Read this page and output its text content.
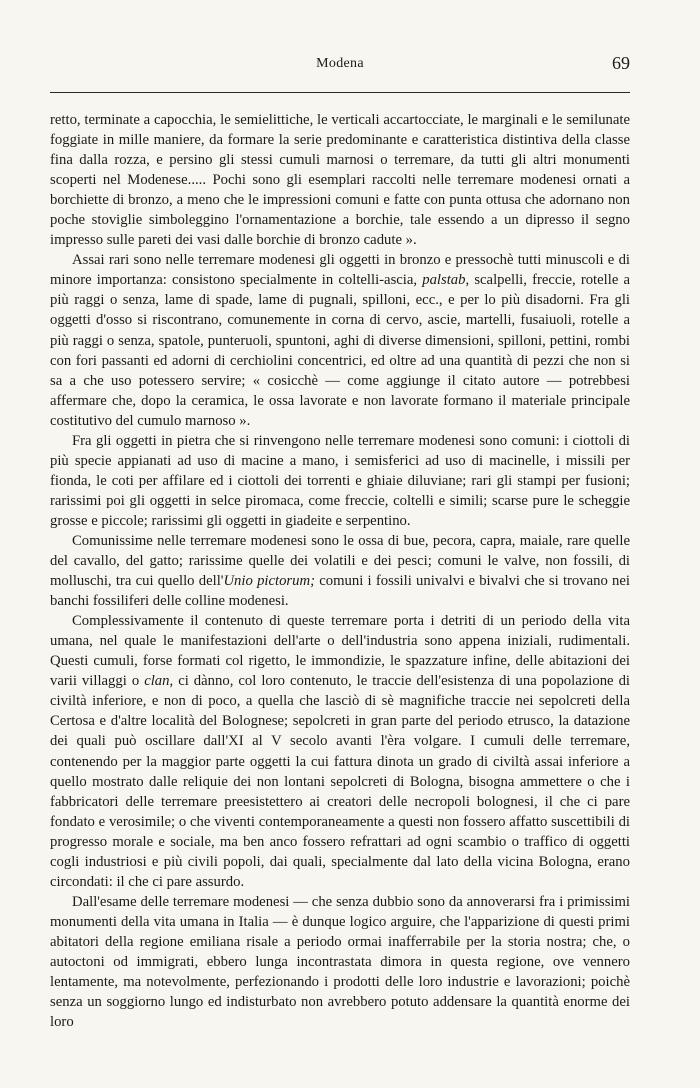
Modena	69

retto, terminate a capocchia, le semielittiche, le verticali accartocciate, le marginali e le semilunate foggiate in mille maniere, da formare la serie predominante e caratteristica distintiva della classe fina dalla rozza, e persino gli stessi cumuli marnosi o terremare, da tutti gli altri monumenti scoperti nel Modenese..... Pochi sono gli esemplari raccolti nelle terremare modenesi ornati a borchiette di bronzo, a meno che le impressioni comuni e fatte con punta ottusa che adornano non poche stoviglie simboleggino l'ornamentazione a borchie, tale essendo a un dipresso il segno impresso sulle pareti dei vasi dalle borchie di bronzo cadute ».

Assai rari sono nelle terremare modenesi gli oggetti in bronzo e pressochè tutti minuscoli e di minore importanza: consistono specialmente in coltelli-ascia, palstab, scalpelli, freccie, rotelle a più raggi o senza, lame di spade, lame di pugnali, spilloni, ecc., e per lo più disadorni. Fra gli oggetti d'osso si riscontrano, comunemente in corna di cervo, ascie, martelli, fusaiuoli, rotelle a più raggi o senza, spatole, punteruoli, spuntoni, aghi di diverse dimensioni, spilloni, pettini, rombi con fori passanti ed adorni di cerchiolini concentrici, ed oltre ad una quantità di pezzi che non si sa a che uso potessero servire; « cosicchè — come aggiunge il citato autore — potrebbesi affermare che, dopo la ceramica, le ossa lavorate e non lavorate formano il materiale principale costitutivo del cumulo marnoso ».

Fra gli oggetti in pietra che si rinvengono nelle terremare modenesi sono comuni: i ciottoli di più specie appianati ad uso di macine a mano, i semisferici ad uso di macinelle, i missili per fionda, le coti per affilare ed i ciottoli dei torrenti e ghiaie diluviane; rari gli stampi per fusioni; rarissimi poi gli oggetti in selce piromaca, come freccie, coltelli e simili; scarse pure le scheggie grosse e piccole; rarissimi gli oggetti in giadeite e serpentino.

Comunissime nelle terremare modenesi sono le ossa di bue, pecora, capra, maiale, rare quelle del cavallo, del gatto; rarissime quelle dei volatili e dei pesci; comuni le valve, non fossili, di molluschi, tra cui quello dell'Unio pictorum; comuni i fossili univalvi e bivalvi che si trovano nei banchi fossiliferi delle colline modenesi.

Complessivamente il contenuto di queste terremare porta i detriti di un periodo della vita umana, nel quale le manifestazioni dell'arte o dell'industria sono appena iniziali, rudimentali. Questi cumuli, forse formati col rigetto, le immondizie, le spazzature infine, delle abitazioni dei varii villaggi o clan, ci dànno, col loro contenuto, le traccie dell'esistenza di una popolazione di civiltà inferiore, e non di poco, a quella che lasciò di sè magnifiche traccie nei sepolcreti della Certosa e d'altre località del Bolognese; sepolcreti in gran parte del periodo etrusco, la datazione dei quali può oscillare dall'XI al V secolo avanti l'èra volgare. I cumuli delle terremare, contenendo per la maggior parte oggetti la cui fattura dinota un grado di civiltà assai inferiore a quello mostrato dalle reliquie dei non lontani sepolcreti di Bologna, bisogna ammettere o che i fabbricatori delle terremare preesistettero ai creatori delle necropoli bolognesi, il che ci pare fondato e verosimile; o che viventi contemporaneamente a questi non fossero affatto suscettibili di progresso morale e sociale, ma ben anco fossero refrattari ad ogni scambio o traffico di oggetti cogli industriosi e più civili popoli, dai quali, specialmente dal lato della vicina Bologna, erano circondati: il che ci pare assurdo.

Dall'esame delle terremare modenesi — che senza dubbio sono da annoverarsi fra i primissimi monumenti della vita umana in Italia — è dunque logico arguire, che l'apparizione di questi primi abitatori della regione emiliana risale a periodo ormai inafferrabile per la storia nostra; che, o autoctoni od immigrati, ebbero lunga incontrastata dimora in questa regione, ove vennero lentamente, ma notevolmente, perfezionando i prodotti delle loro industrie e lavorazioni; poichè senza un soggiorno lungo ed indisturbato non avrebbero potuto addensare la quantità enorme dei loro
